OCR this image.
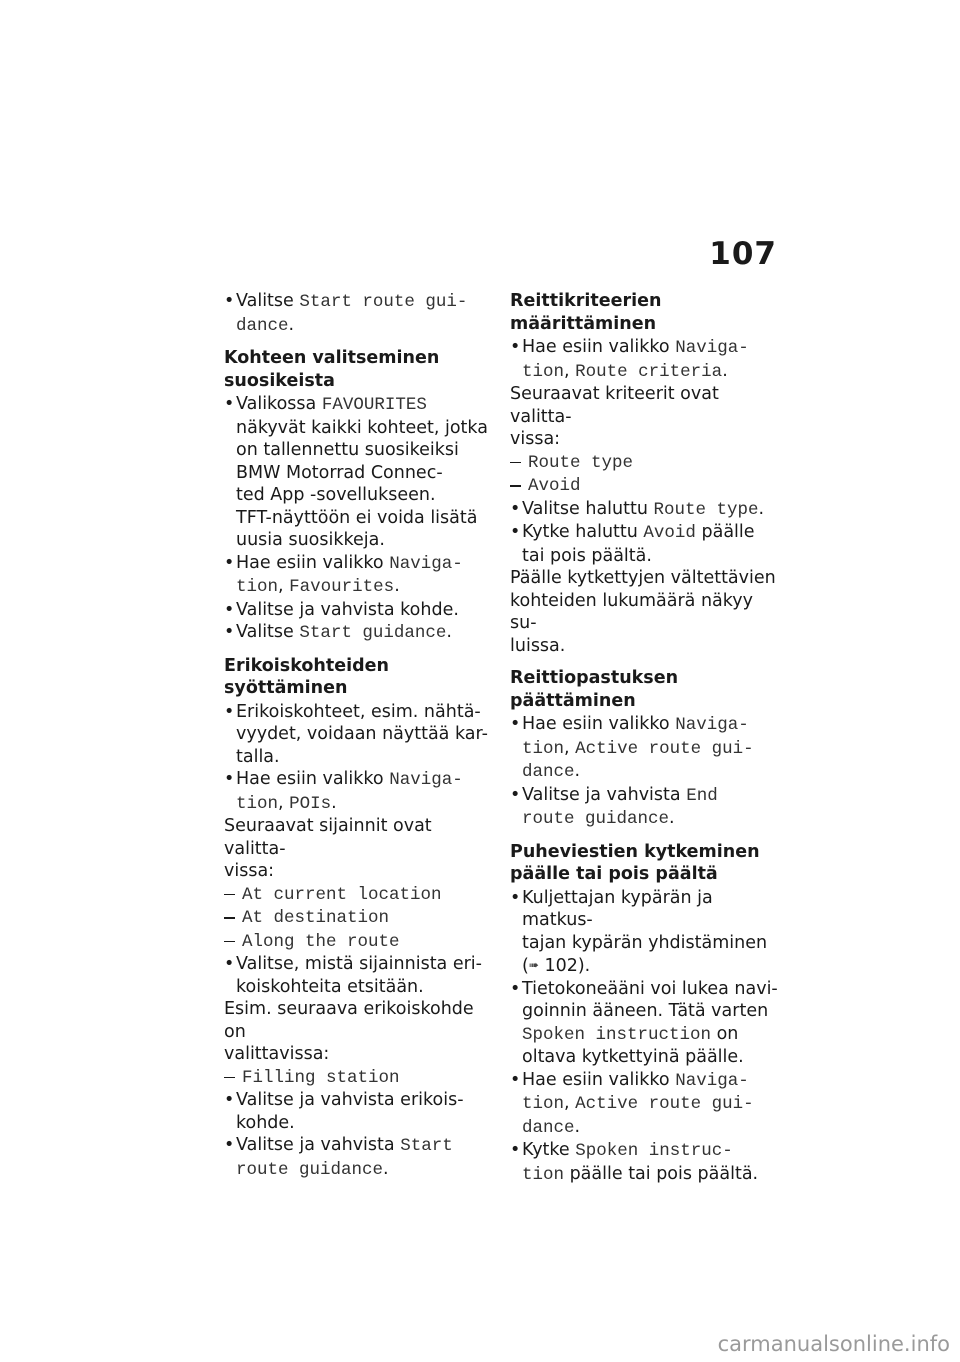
107
• Valitse Start route gui-
dance.
Kohteen valitseminen
suosikeista
• Valikossa FAVOURITES
näkyvät kaikki kohteet, jotka
on tallennettu suosikeiksi
BMW Motorrad Connec-
ted App -sovellukseen.
TFT-näyttöön ei voida lisätä
uusia suosikkeja.
• Hae esiin valikko Naviga-
tion, Favourites.
• Valitse ja vahvista kohde.
• Valitse Start guidance.
Erikoiskohteiden syöttäminen
• Erikoiskohteet, esim. nähtä-
vyydet, voidaan näyttää kar-
talla.
• Hae esiin valikko Naviga-
tion, POIs.
Seuraavat sijainnit ovat valitta-
vissa:
At current location
At destination
Along the route
• Valitse, mistä sijainnista eri-
koiskohteita etsitään.
Esim. seuraava erikoiskohde on
valittavissa:
Filling station
• Valitse ja vahvista erikois-
kohde.
• Valitse ja vahvista Start
route guidance.
Reittikriteerien määrittäminen
• Hae esiin valikko Naviga-
tion, Route criteria.
Seuraavat kriteerit ovat valitta-
vissa:
Route type
Avoid
• Valitse haluttu Route type.
• Kytke haluttu Avoid päälle
tai pois päältä.
Päälle kytkettyjen vältettävien
kohteiden lukumäärä näkyy su-
luissa.
Reittiopastuksen päättäminen
• Hae esiin valikko Naviga-
tion, Active route gui-
dance.
• Valitse ja vahvista End
route guidance.
Puheviestien kytkeminen
päälle tai pois päältä
• Kuljettajan kypärän ja matkus-
tajan kypärän yhdistäminen
(➠ 102).
• Tietokoneääni voi lukea navi-
goinnin ääneen. Tätä varten
Spoken instruction on
oltava kytkettyinä päälle.
• Hae esiin valikko Naviga-
tion, Active route gui-
dance.
• Kytke Spoken instruc-
tion päälle tai pois päältä.
carmanualsonline.info
